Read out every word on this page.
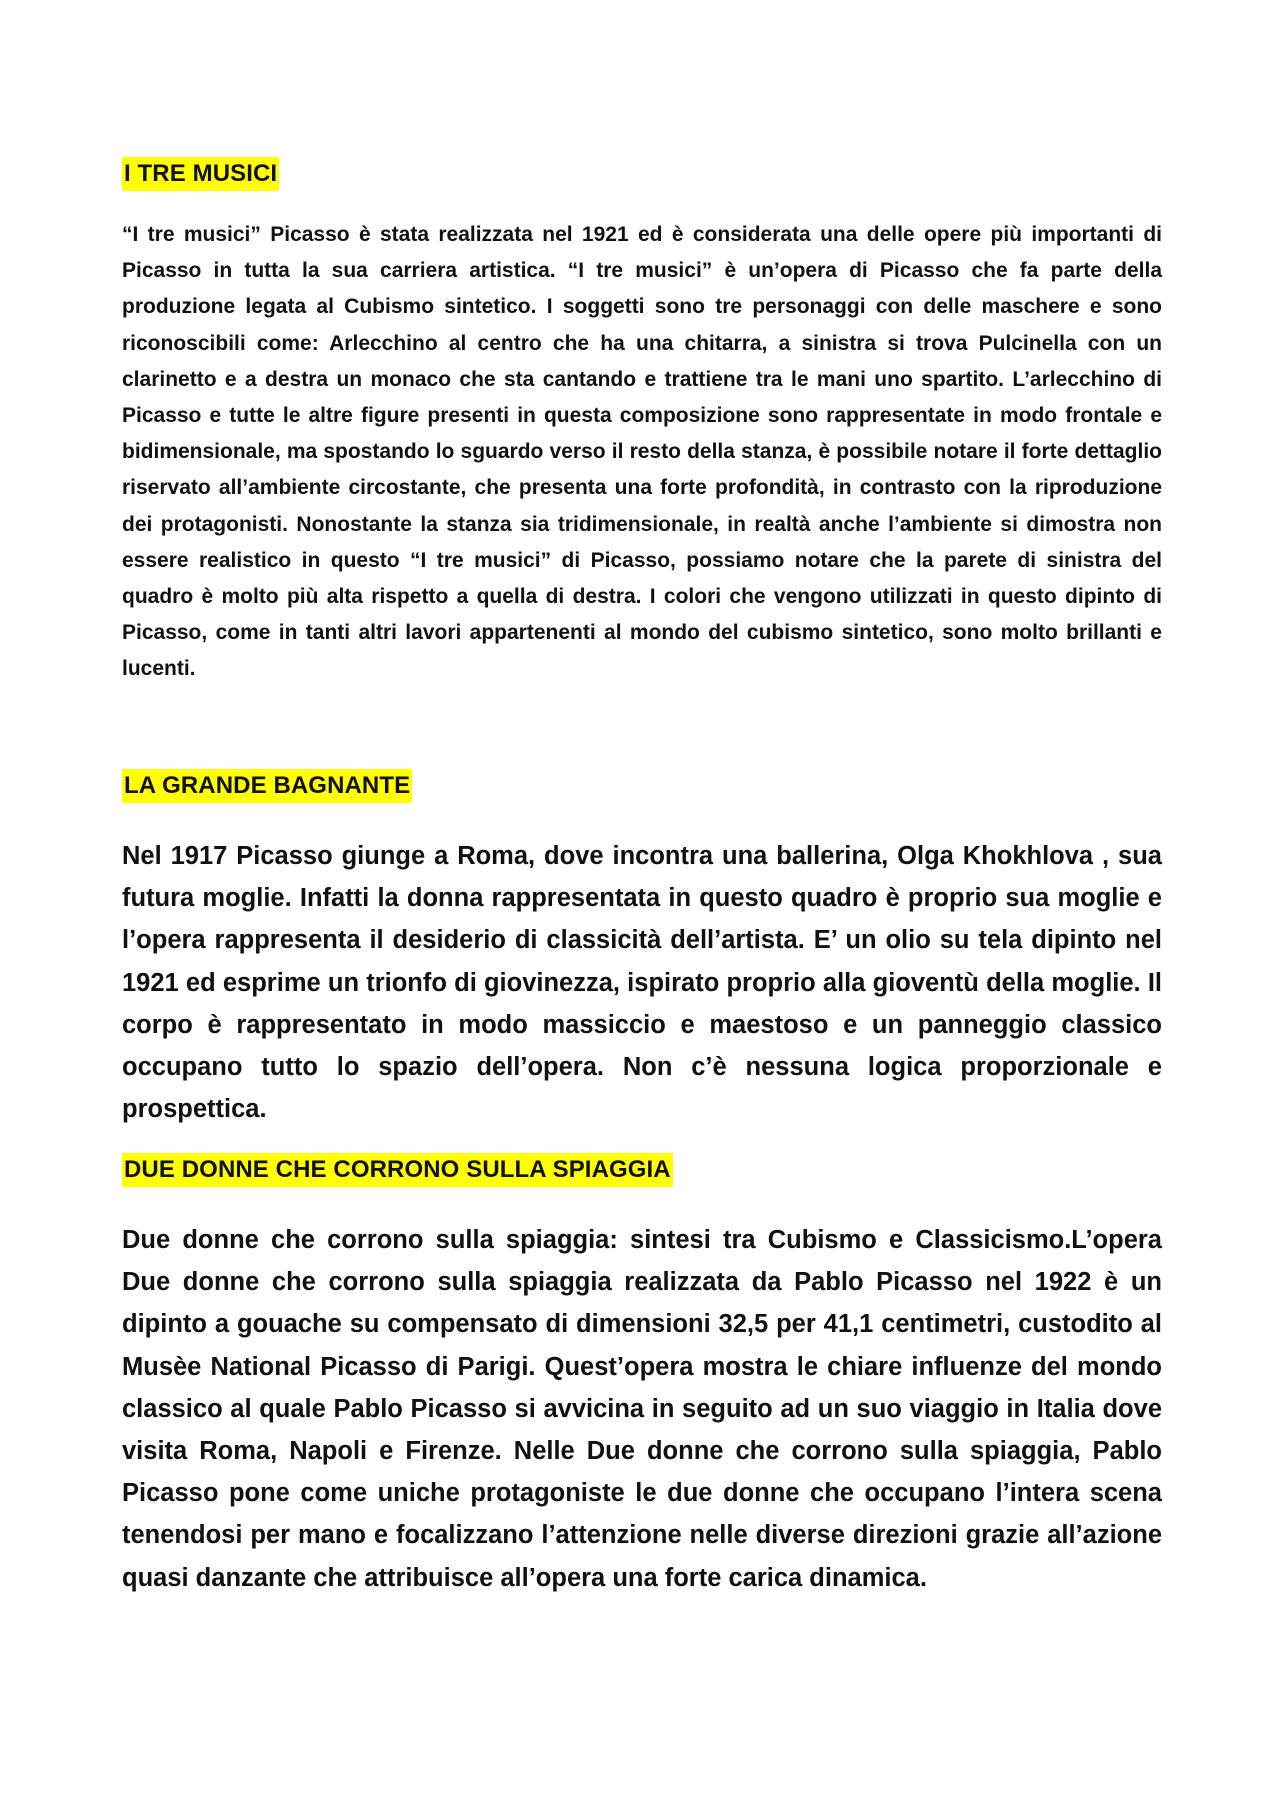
I TRE MUSICI

“I tre musici” Picasso è stata realizzata nel 1921 ed è considerata una delle opere più importanti di Picasso in tutta la sua carriera artistica. “I tre musici” è un’opera di Picasso che fa parte della produzione legata al Cubismo sintetico. I soggetti sono tre personaggi con delle maschere e sono riconoscibili come: Arlecchino al centro che ha una chitarra, a sinistra si trova Pulcinella con un clarinetto e a destra un monaco che sta cantando e trattiene tra le mani uno spartito. L’arlecchino di Picasso e tutte le altre figure presenti in questa composizione sono rappresentate in modo frontale e bidimensionale, ma spostando lo sguardo verso il resto della stanza, è possibile notare il forte dettaglio riservato all’ambiente circostante, che presenta una forte profondità, in contrasto con la riproduzione dei protagonisti. Nonostante la stanza sia tridimensionale, in realtà anche l’ambiente si dimostra non essere realistico in questo “I tre musici” di Picasso, possiamo notare che la parete di sinistra del quadro è molto più alta rispetto a quella di destra. I colori che vengono utilizzati in questo dipinto di Picasso, come in tanti altri lavori appartenenti al mondo del cubismo sintetico, sono molto brillanti e lucenti.

LA GRANDE BAGNANTE

Nel 1917 Picasso giunge a Roma, dove incontra una ballerina, Olga Khokhlova , sua futura moglie. Infatti la donna rappresentata in questo quadro è proprio sua moglie e l’opera rappresenta il desiderio di classicità dell’artista. E’ un olio su tela dipinto nel 1921 ed esprime un trionfo di giovinezza, ispirato proprio alla gioventù della moglie. Il corpo è rappresentato in modo massiccio e maestoso e un panneggio classico occupano tutto lo spazio dell’opera. Non c’è nessuna logica proporzionale e prospettica.

DUE DONNE CHE CORRONO SULLA SPIAGGIA

Due donne che corrono sulla spiaggia: sintesi tra Cubismo e Classicismo.L’opera Due donne che corrono sulla spiaggia realizzata da Pablo Picasso nel 1922 è un dipinto a gouache su compensato di dimensioni 32,5 per 41,1 centimetri, custodito al Musèe National Picasso di Parigi. Quest’opera mostra le chiare influenze del mondo classico al quale Pablo Picasso si avvicina in seguito ad un suo viaggio in Italia dove visita Roma, Napoli e Firenze. Nelle Due donne che corrono sulla spiaggia, Pablo Picasso pone come uniche protagoniste le due donne che occupano l’intera scena tenendosi per mano e focalizzano l’attenzione nelle diverse direzioni grazie all’azione quasi danzante che attribuisce all’opera una forte carica dinamica.
